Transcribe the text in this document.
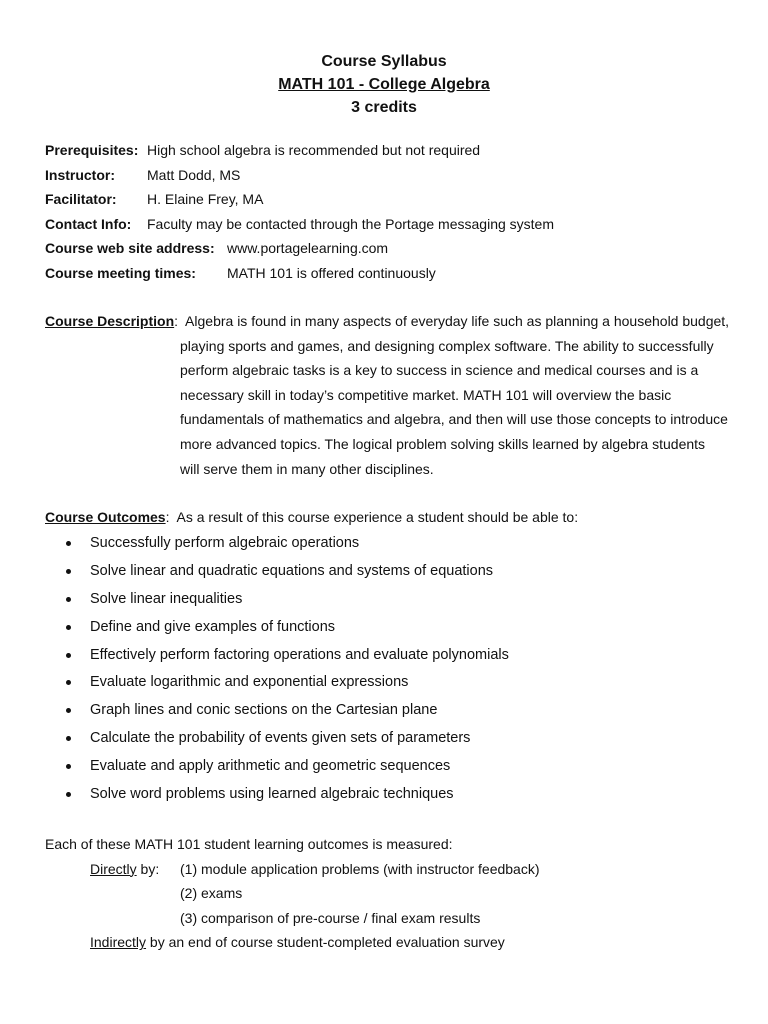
Course Syllabus
MATH 101 - College Algebra
3 credits
Prerequisites: High school algebra is recommended but not required
Instructor: Matt Dodd, MS
Facilitator: H. Elaine Frey, MA
Contact Info: Faculty may be contacted through the Portage messaging system
Course web site address: www.portagelearning.com
Course meeting times: MATH 101 is offered continuously
Course Description:  Algebra is found in many aspects of everyday life such as planning a household budget,
playing sports and games, and designing complex software. The ability to successfully
perform algebraic tasks is a key to success in science and medical courses and is a
necessary skill in today’s competitive market. MATH 101 will overview the basic
fundamentals of mathematics and algebra, and then will use those concepts to introduce
more advanced topics. The logical problem solving skills learned by algebra students
will serve them in many other disciplines.
Course Outcomes:  As a result of this course experience a student should be able to:
Successfully perform algebraic operations
Solve linear and quadratic equations and systems of equations
Solve linear inequalities
Define and give examples of functions
Effectively perform factoring operations and evaluate polynomials
Evaluate logarithmic and exponential expressions
Graph lines and conic sections on the Cartesian plane
Calculate the probability of events given sets of parameters
Evaluate and apply arithmetic and geometric sequences
Solve word problems using learned algebraic techniques
Each of these MATH 101 student learning outcomes is measured:
Directly by: (1) module application problems (with instructor feedback)
(2) exams
(3) comparison of pre-course / final exam results
Indirectly by an end of course student-completed evaluation survey
